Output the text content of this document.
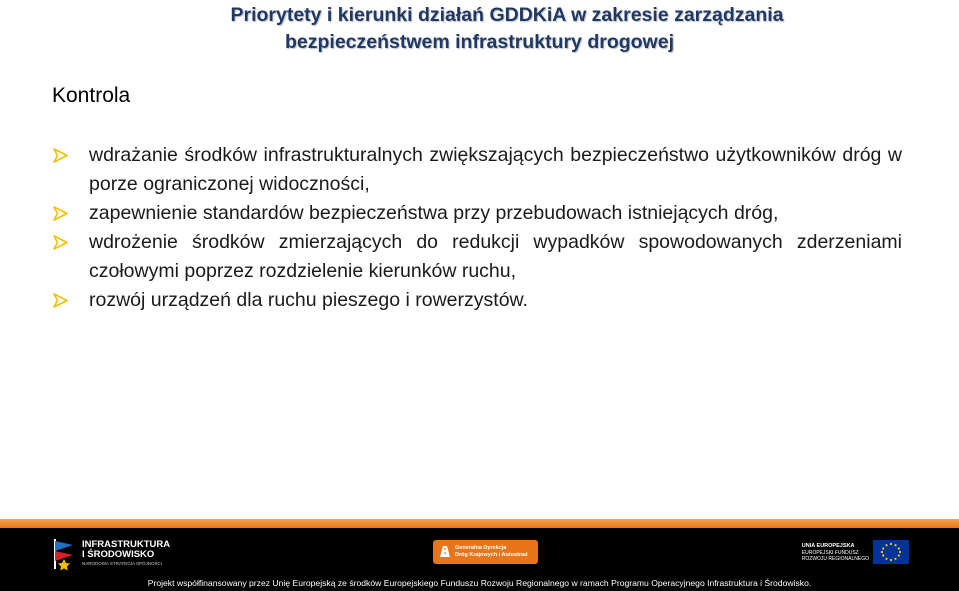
Priorytety i kierunki działań GDDKiA w zakresie zarządzania
bezpieczeństwem infrastruktury drogowej
Kontrola
wdrażanie środków infrastrukturalnych zwiększających bezpieczeństwo użytkowników dróg w porze ograniczonej widoczności,
zapewnienie standardów bezpieczeństwa przy przebudowach istniejących dróg,
wdrożenie środków zmierzających do redukcji wypadków spowodowanych zderzeniami czołowymi poprzez rozdzielenie kierunków ruchu,
rozwój urządzeń dla ruchu pieszego i rowerzystów.
INFRASTRUKTURA
I ŚRODOWISKO
NARODOWA STRATEGIA SPÓJNOŚCI
Generalna Dyrekcja
Dróg Krajowych i Autostrad
UNIA EUROPEJSKA
EUROPEJSKI FUNDUSZ
ROZWOJU REGIONALNEGO
Projekt współfinansowany przez Unię Europejską ze środków Europejskiego Funduszu Rozwoju Regionalnego w ramach Programu Operacyjnego Infrastruktura i Środowisko.
